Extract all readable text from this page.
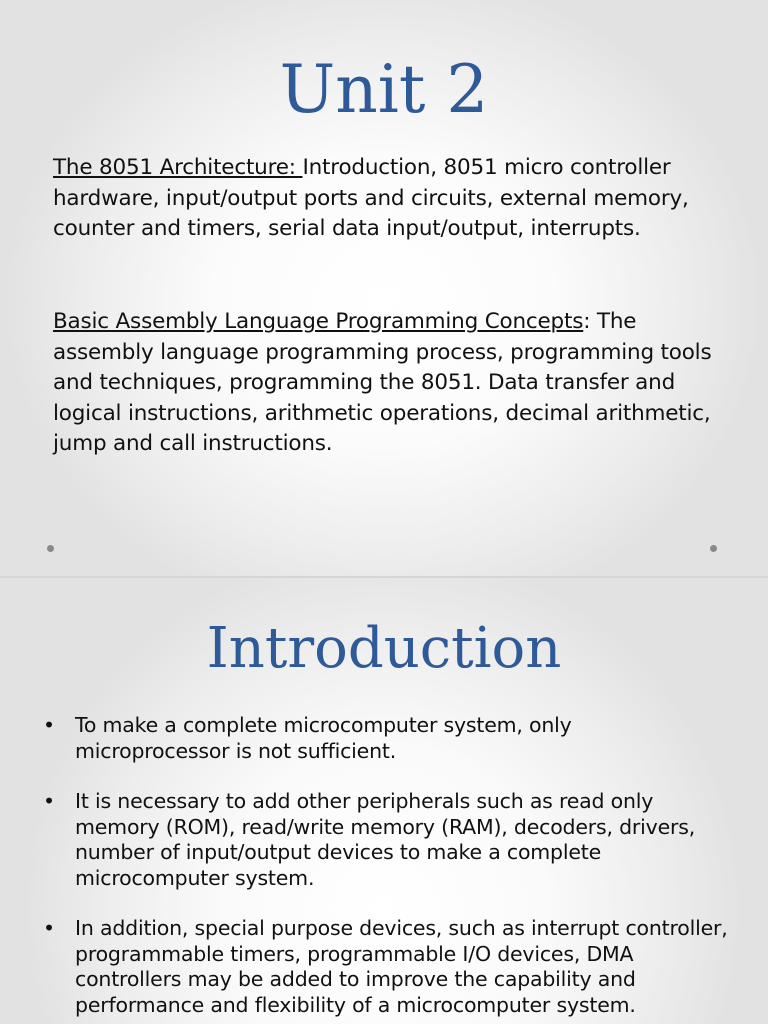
Unit 2

The 8051 Architecture: Introduction, 8051 micro controller hardware, input/output ports and circuits, external memory, counter and timers, serial data input/output, interrupts.

Basic Assembly Language Programming Concepts: The assembly language programming process, programming tools and techniques, programming the 8051. Data transfer and logical instructions, arithmetic operations, decimal arithmetic, jump and call instructions.

Introduction
• To make a complete microcomputer system, only microprocessor is not sufficient.
• It is necessary to add other peripherals such as read only memory (ROM), read/write memory (RAM), decoders, drivers, number of input/output devices to make a complete microcomputer system.
• In addition, special purpose devices, such as interrupt controller, programmable timers, programmable I/O devices, DMA controllers may be added to improve the capability and performance and flexibility of a microcomputer system.
